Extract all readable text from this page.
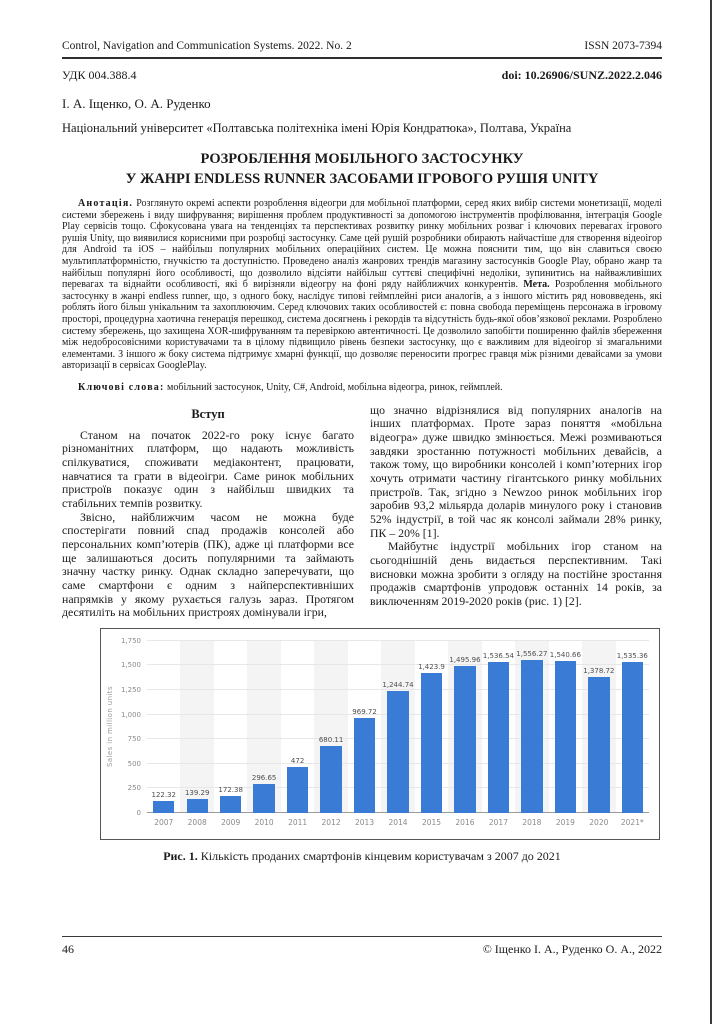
Control, Navigation and Communication Systems. 2022. No. 2	ISSN 2073-7394
УДК 004.388.4	doi: 10.26906/SUNZ.2022.2.046
І. А. Іщенко, О. А. Руденко
Національний університет «Полтавська політехніка імені Юрія Кондратюка», Полтава, Україна
РОЗРОБЛЕННЯ МОБІЛЬНОГО ЗАСТОСУНКУ
У ЖАНРІ ENDLESS RUNNER ЗАСОБАМИ ІГРОВОГО РУШІЯ UNITY

Анотація. Розглянуто окремі аспекти розроблення відеогри для мобільної платформи, серед яких вибір системи монетизації, моделі системи збережень і виду шифрування; вирішення проблем продуктивності за допомогою інструментів профілювання, інтеграція Google Play сервісів тощо. Сфокусована увага на тенденціях та перспективах розвитку ринку мобільних розваг і ключових перевагах ігрового рушія Unity, що виявилися корисними при розробці застосунку. Саме цей рушій розробники обирають найчастіше для створення відеоігор для Android та iOS – найбільш популярних мобільних операційних систем. Це можна пояснити тим, що він славиться своєю мультиплатформністю, гнучкістю та доступністю. Проведено аналіз жанрових трендів магазину застосунків Google Play, обрано жанр та найбільш популярні його особливості, що дозволило відсіяти найбільш суттєві специфічні недоліки, зупинитись на найважливіших перевагах та віднайти особливості, які б вирізняли відеогру на фоні ряду найближчих конкурентів. Мета. Розроблення мобільного застосунку в жанрі endless runner, що, з одного боку, наслідує типові геймплейні риси аналогів, а з іншого містить ряд нововведень, які роблять його більш унікальним та захоплюючим. Серед ключових таких особливостей є: повна свобода переміщень персонажа в ігровому просторі, процедурна хаотична генерація перешкод, система досягнень і рекордів та відсутність будь-якої обов’язкової реклами. Розроблено систему збережень, що захищена XOR-шифруванням та перевіркою автентичності. Це дозволило запобігти поширенню файлів збереження між недобросовісними користувачами та в цілому підвищило рівень безпеки застосунку, що є важливим для відеоігор зі змагальними елементами. З іншого ж боку система підтримує хмарні функції, що дозволяє переносити прогрес гравця між різними девайсами за умови авторизації в сервісах GooglePlay.

Ключові слова: мобільний застосунок, Unity, C#, Android, мобільна відеогра, ринок, геймплей.

Вступ

Станом на початок 2022-го року існує багато різноманітних платформ, що надають можливість спілкуватися, споживати медіаконтент, працювати, навчатися та грати в відеоігри. Саме ринок мобільних пристроїв показує один з найбільш швидких та стабільних темпів розвитку.

Звісно, найближчим часом не можна буде спостерігати повний спад продажів консолей або персональних комп’ютерів (ПК), адже ці платформи все ще залишаються досить популярними та займають значну частку ринку. Однак складно заперечувати, що саме смартфони є одним з найперспективніших напрямків у якому рухається галузь зараз. Протягом десятиліть на мобільних пристроях домінували ігри,

що значно відрізнялися від популярних аналогів на інших платформах. Проте зараз поняття «мобільна відеогра» дуже швидко змінюється. Межі розмиваються завдяки зростанню потужності мобільних девайсів, а також тому, що виробники консолей і комп’ютерних ігор хочуть отримати частину гігантського ринку мобільних пристроїв. Так, згідно з Newzoo ринок мобільних ігор заробив 93,2 мільярда доларів минулого року і становив 52% індустрії, в той час як консолі займали 28% ринку, ПК – 20% [1].

Майбутнє індустрії мобільних ігор станом на сьогоднішній день видається перспективним. Такі висновки можна зробити з огляду на постійне зростання продажів смартфонів упродовж останніх 14 років, за виключенням 2019-2020 років (рис. 1) [2].

Sales in million units
0
250
500
750
1,000
1,250
1,500
1,750
122.32
2007
139.29
2008
172.38
2009
296.65
2010
472
2011
680.11
2012
969.72
2013
1,244.74
2014
1,423.9
2015
1,495.96
2016
1,536.54
2017
1,556.27
2018
1,540.66
2019
1,378.72
2020
1,535.36
2021*
Рис. 1. Кількість проданих смартфонів кінцевим користувачам з 2007 до 2021
46	© Іщенко І. А., Руденко О. А., 2022
